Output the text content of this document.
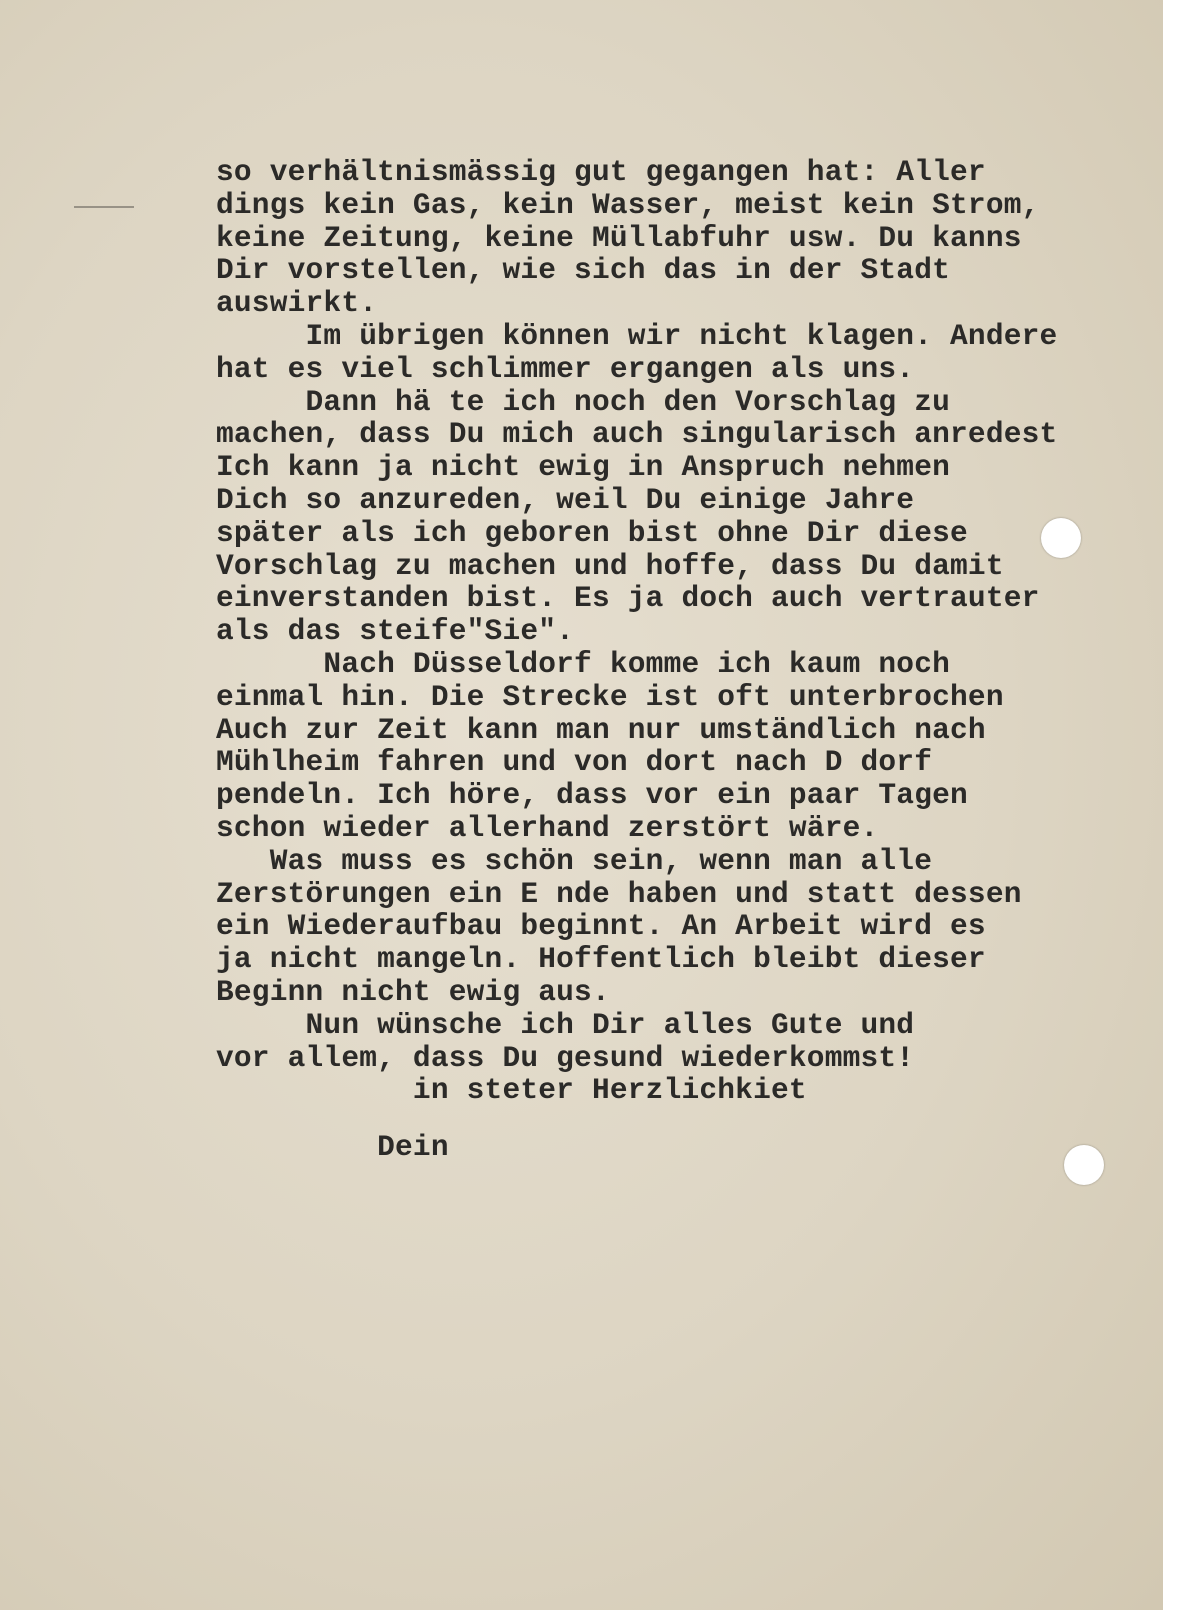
so verhältnismässig gut gegangen hat: Aller
dings kein Gas, kein Wasser, meist kein Strom,
keine Zeitung, keine Müllabfuhr usw. Du kanns
Dir vorstellen, wie sich das in der Stadt
auswirkt.
Im übrigen können wir nicht klagen. Andere
hat es viel schlimmer ergangen als uns.
Dann hä te ich noch den Vorschlag zu
machen, dass Du mich auch singularisch anredest
Ich kann ja nicht ewig in Anspruch nehmen
Dich so anzureden, weil Du einige Jahre
später als ich geboren bist ohne Dir diese
Vorschlag zu machen und hoffe, dass Du damit
einverstanden bist. Es ja doch auch vertrauter
als das steife"Sie".
Nach Düsseldorf komme ich kaum noch
einmal hin. Die Strecke ist oft unterbrochen
Auch zur Zeit kann man nur umständlich nach
Mühlheim fahren und von dort nach D dorf
pendeln. Ich höre, dass vor ein paar Tagen
schon wieder allerhand zerstört wäre.
Was muss es schön sein, wenn man alle
Zerstörungen ein E nde haben und statt dessen
ein Wiederaufbau beginnt. An Arbeit wird es
ja nicht mangeln. Hoffentlich bleibt dieser
Beginn nicht ewig aus.
Nun wünsche ich Dir alles Gute und
vor allem, dass Du gesund wiederkommst!
in steter Herzlichkiet
Dein
